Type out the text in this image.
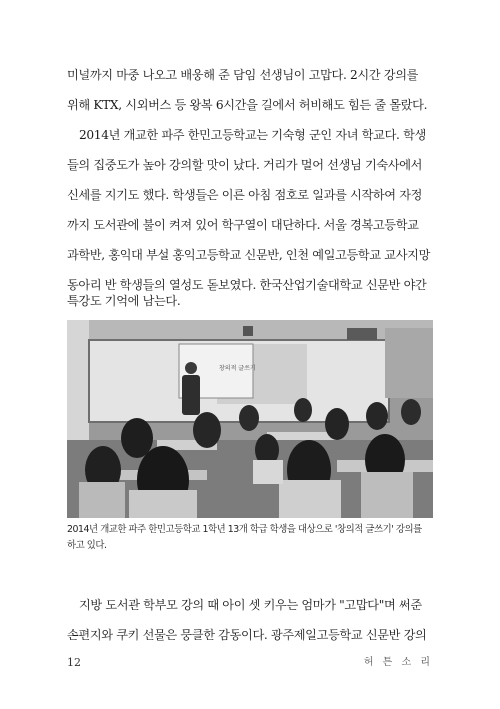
미널까지 마중 나오고 배웅해 준 담임 선생님이 고맙다. 2시간 강의를
위해 KTX, 시외버스 등 왕복 6시간을 길에서 허비해도 힘든 줄 몰랐다.
2014년 개교한 파주 한민고등학교는 기숙형 군인 자녀 학교다. 학생
들의 집중도가 높아 강의할 맛이 났다. 거리가 멀어 선생님 기숙사에서
신세를 지기도 했다. 학생들은 이른 아침 점호로 일과를 시작하여 자정
까지 도서관에 불이 켜져 있어 학구열이 대단하다. 서울 경복고등학교
과학반, 홍익대 부설 홍익고등학교 신문반, 인천 예일고등학교 교사지망
동아리 반 학생들의 열성도 돋보였다. 한국산업기술대학교 신문반 야간
창의적 글쓰기
2014년 개교한 파주 한민고등학교 1학년 13개 학급 학생을 대상으로 '창의적 글쓰기' 강의를
하고 있다.
지방 도서관 학부모 강의 때 아이 셋 키우는 엄마가 "고맙다"며 써준
손편지와 쿠키 선물은 뭉클한 감동이다. 광주제일고등학교 신문반 강의
12	허 튼 소 리
특강도 기억에 남는다.
